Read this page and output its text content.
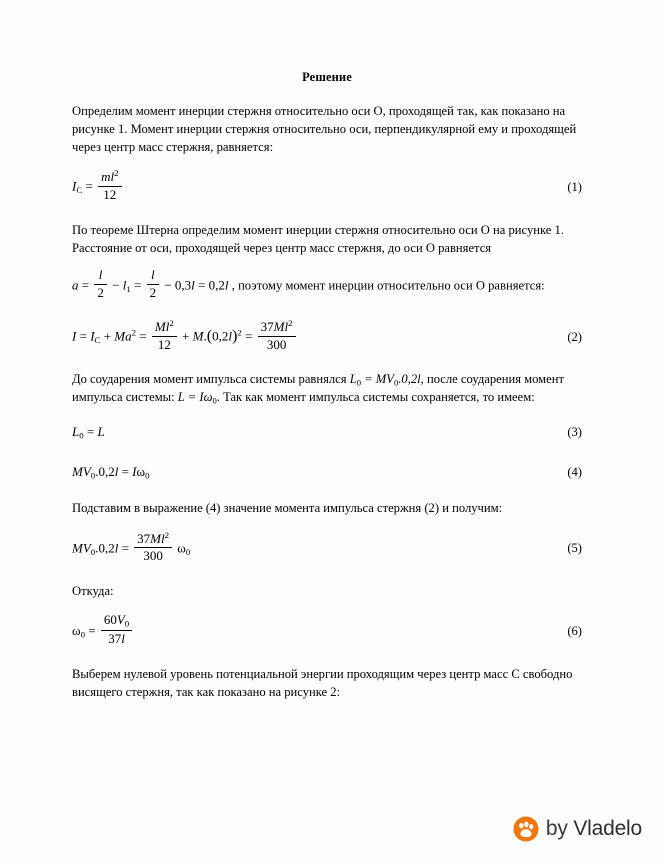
Решение

Определим момент инерции стержня относительно оси O, проходящей так, как показано на рисунке 1. Момент инерции стержня относительно оси, перпендикулярной ему и проходящей через центр масс стержня, равняется:

$I_C = \frac{ml^2}{12}$	(1)

По теореме Штерна определим момент инерции стержня относительно оси O на рисунке 1. Расстояние от оси, проходящей через центр масс стержня, до оси O равняется

$a = \frac{l}{2} - l_1 = \frac{l}{2} - 0,3l = 0,2l$ , поэтому момент инерции относительно оси O равняется:
$I = I_C + Ma^2 = \frac{Ml^2}{12} + M.(0,2l)^2 = \frac{37Ml^2}{300}$	(2)

До соударения момент импульса системы равнялся $L_0 = MV_0.0,2l$, после соударения момент импульса системы: $L = I\omega_0$. Так как момент импульса системы сохраняется, то имеем:

$L_0 = L$	(3)
$MV_0.0,2l = I\omega_0$	(4)

Подставим в выражение (4) значение момента импульса стержня (2) и получим:

$MV_0.0,2l = \frac{37Ml^2}{300} \omega_0$	(5)

Откуда:

$\omega_0 = \frac{60V_0}{37l}$	(6)

Выберем нулевой уровень потенциальной энергии проходящим через центр масс C свободно висящего стержня, так как показано на рисунке 2:

by Vladelo
